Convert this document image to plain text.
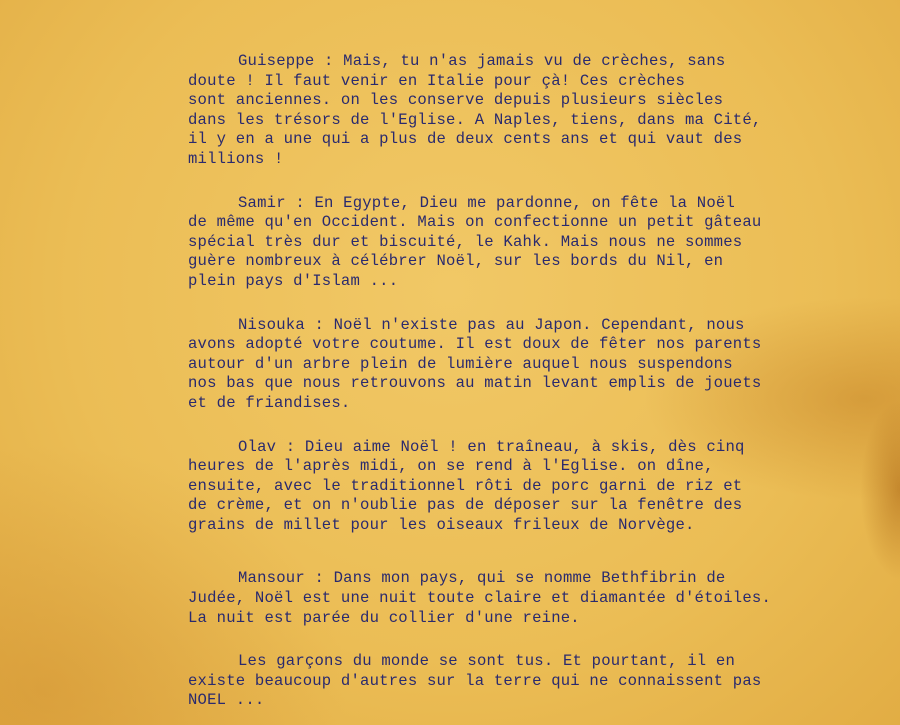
Guiseppe : Mais, tu n'as jamais vu de crèches, sans
doute ! Il faut venir en Italie pour çà! Ces crèches
sont anciennes. on les conserve depuis plusieurs siècles
dans les trésors de l'Eglise. A Naples, tiens, dans ma Cité,
il y en a une qui a plus de deux cents ans et qui vaut des
millions !
Samir : En Egypte, Dieu me pardonne, on fête la Noël
de même qu'en Occident. Mais on confectionne un petit gâteau
spécial très dur et biscuité, le Kahk. Mais nous ne sommes
guère nombreux à célébrer Noël, sur les bords du Nil, en
plein pays d'Islam ...
Nisouka : Noël n'existe pas au Japon. Cependant, nous
avons adopté votre coutume. Il est doux de fêter nos parents
autour d'un arbre plein de lumière auquel nous suspendons
nos bas que nous retrouvons au matin levant emplis de jouets
et de friandises.
Olav : Dieu aime Noël ! en traîneau, à skis, dès cinq
heures de l'après midi, on se rend à l'Eglise. on dîne,
ensuite, avec le traditionnel rôti de porc garni de riz et
de crème, et on n'oublie pas de déposer sur la fenêtre des
grains de millet pour les oiseaux frileux de Norvège.
Mansour : Dans mon pays, qui se nomme Bethfibrin de
Judée, Noël est une nuit toute claire et diamantée d'étoiles.
La nuit est parée du collier d'une reine.
Les garçons du monde se sont tus. Et pourtant, il en
existe beaucoup d'autres sur la terre qui ne connaissent pas
NOEL ...
